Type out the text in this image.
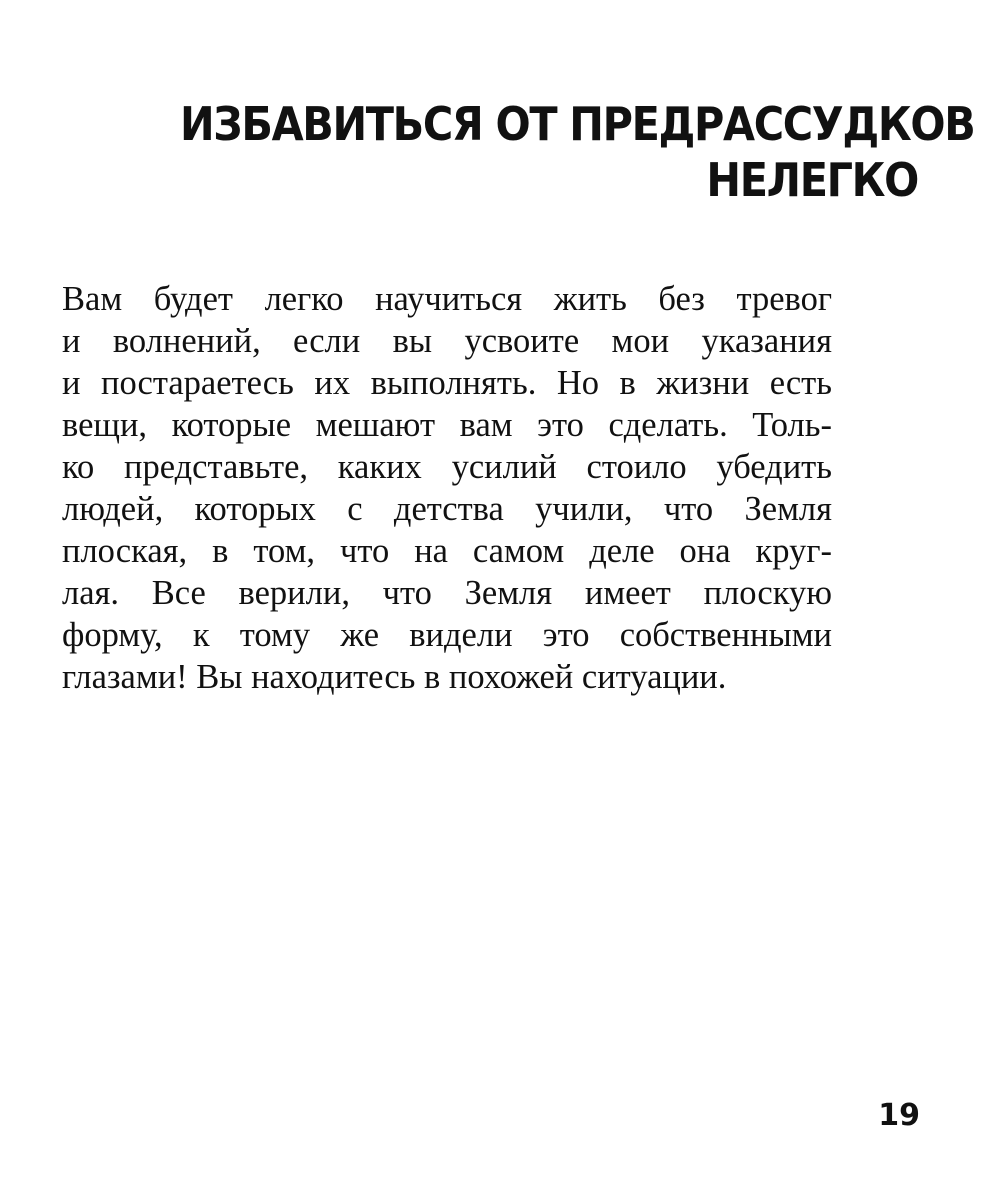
ИЗБАВИТЬСЯ ОТ ПРЕДРАССУДКОВ
НЕЛЕГКО
Вам будет легко научиться жить без тревог
и волнений, если вы усвоите мои указания
и постараетесь их выполнять. Но в жизни есть
вещи, которые мешают вам это сделать. Толь-
ко представьте, каких усилий стоило убедить
людей, которых с детства учили, что Земля
плоская, в том, что на самом деле она круг-
лая. Все верили, что Земля имеет плоскую
форму, к тому же видели это собственными
глазами! Вы находитесь в похожей ситуации.

19
